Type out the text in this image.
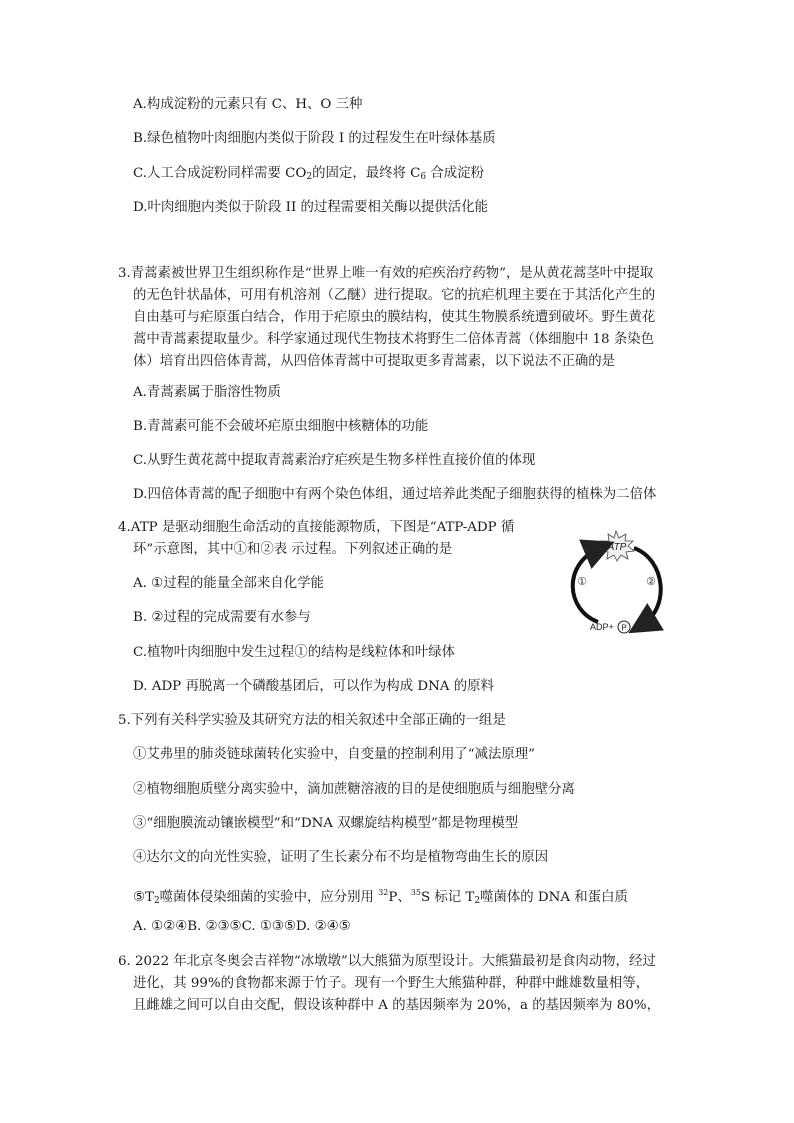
A.构成淀粉的元素只有 C、H、O 三种
B.绿色植物叶肉细胞内类似于阶段 I 的过程发生在叶绿体基质
C.人工合成淀粉同样需要 $CO_2$的固定，最终将 $C_6$ 合成淀粉
D.叶肉细胞内类似于阶段 II 的过程需要相关酶以提供活化能
3.青蒿素被世界卫生组织称作是“世界上唯一有效的疟疾治疗药物”，是从黄花蒿茎叶中提取
的无色针状晶体，可用有机溶剂（乙醚）进行提取。它的抗疟机理主要在于其活化产生的
自由基可与疟原蛋白结合，作用于疟原虫的膜结构，使其生物膜系统遭到破坏。野生黄花
蒿中青蒿素提取量少。科学家通过现代生物技术将野生二倍体青蒿（体细胞中 18 条染色
体）培育出四倍体青蒿，从四倍体青蒿中可提取更多青蒿素，以下说法不正确的是
A.青蒿素属于脂溶性物质
B.青蒿素可能不会破坏疟原虫细胞中核糖体的功能
C.从野生黄花蒿中提取青蒿素治疗疟疾是生物多样性直接价值的体现
D.四倍体青蒿的配子细胞中有两个染色体组，通过培养此类配子细胞获得的植株为二倍体
4.ATP 是驱动细胞生命活动的直接能源物质，下图是“ATP-ADP 循
环”示意图，其中①和②表 示过程。下列叙述正确的是
A. ①过程的能量全部来自化学能
B. ②过程的完成需要有水参与
C.植物叶肉细胞中发生过程①的结构是线粒体和叶绿体
D. ADP 再脱离一个磷酸基团后，可以作为构成 DNA 的原料
ATP
①	②
ADP+ P
5.下列有关科学实验及其研究方法的相关叙述中全部正确的一组是
①艾弗里的肺炎链球菌转化实验中，自变量的控制利用了“减法原理”
②植物细胞质壁分离实验中，滴加蔗糖溶液的目的是使细胞质与细胞壁分离
③“细胞膜流动镶嵌模型”和“DNA 双螺旋结构模型”都是物理模型
④达尔文的向光性实验，证明了生长素分布不均是植物弯曲生长的原因
$⑤T_2$噬菌体侵染细菌的实验中，应分别用 $^{32}$P、$^{35}$S 标记 $T_2$噬菌体的 DNA 和蛋白质
A. ①②④B. ②③⑤C. ①③⑤D. ②④⑤
6. 2022 年北京冬奥会吉祥物“冰墩墩”以大熊猫为原型设计。大熊猫最初是食肉动物，经过
进化，其 99%的食物都来源于竹子。现有一个野生大熊猫种群，种群中雌雄数量相等，
且雌雄之间可以自由交配，假设该种群中 A 的基因频率为 20%，a 的基因频率为 80%，
